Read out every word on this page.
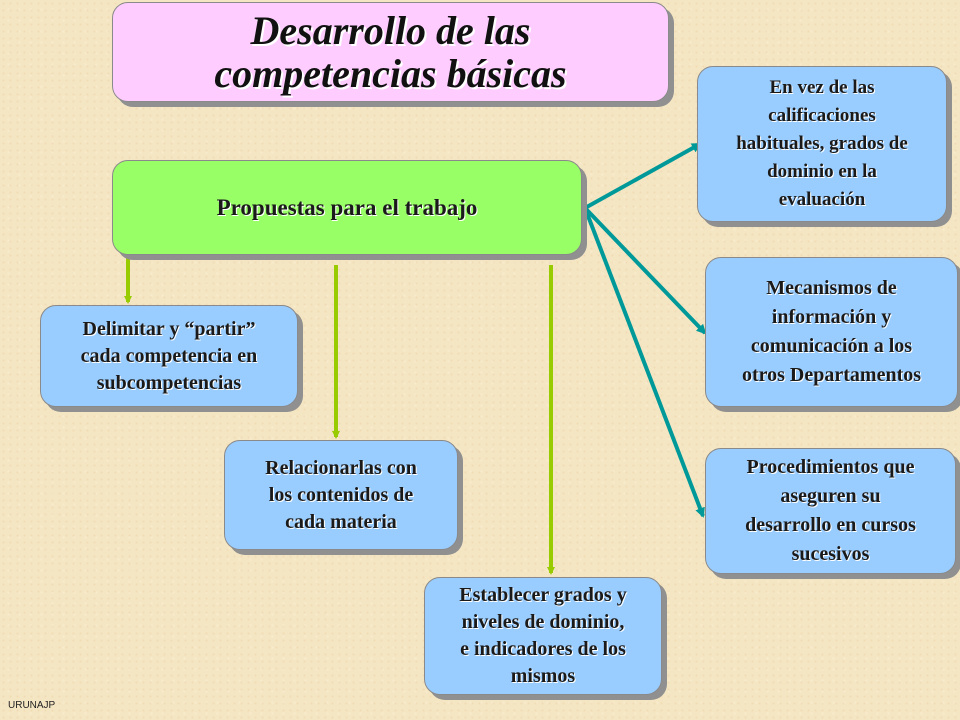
Desarrollo de las
competencias básicas
Propuestas para el trabajo
Delimitar y “partir”
cada competencia en
subcompetencias
Relacionarlas con
los contenidos de
cada materia
Establecer grados y
niveles de dominio,
e indicadores de los
mismos
En vez de las
calificaciones
habituales, grados de
dominio en la
evaluación
Mecanismos de
información y
comunicación a los
otros Departamentos
Procedimientos que
aseguren su
desarrollo en cursos
sucesivos
URUNAJP
